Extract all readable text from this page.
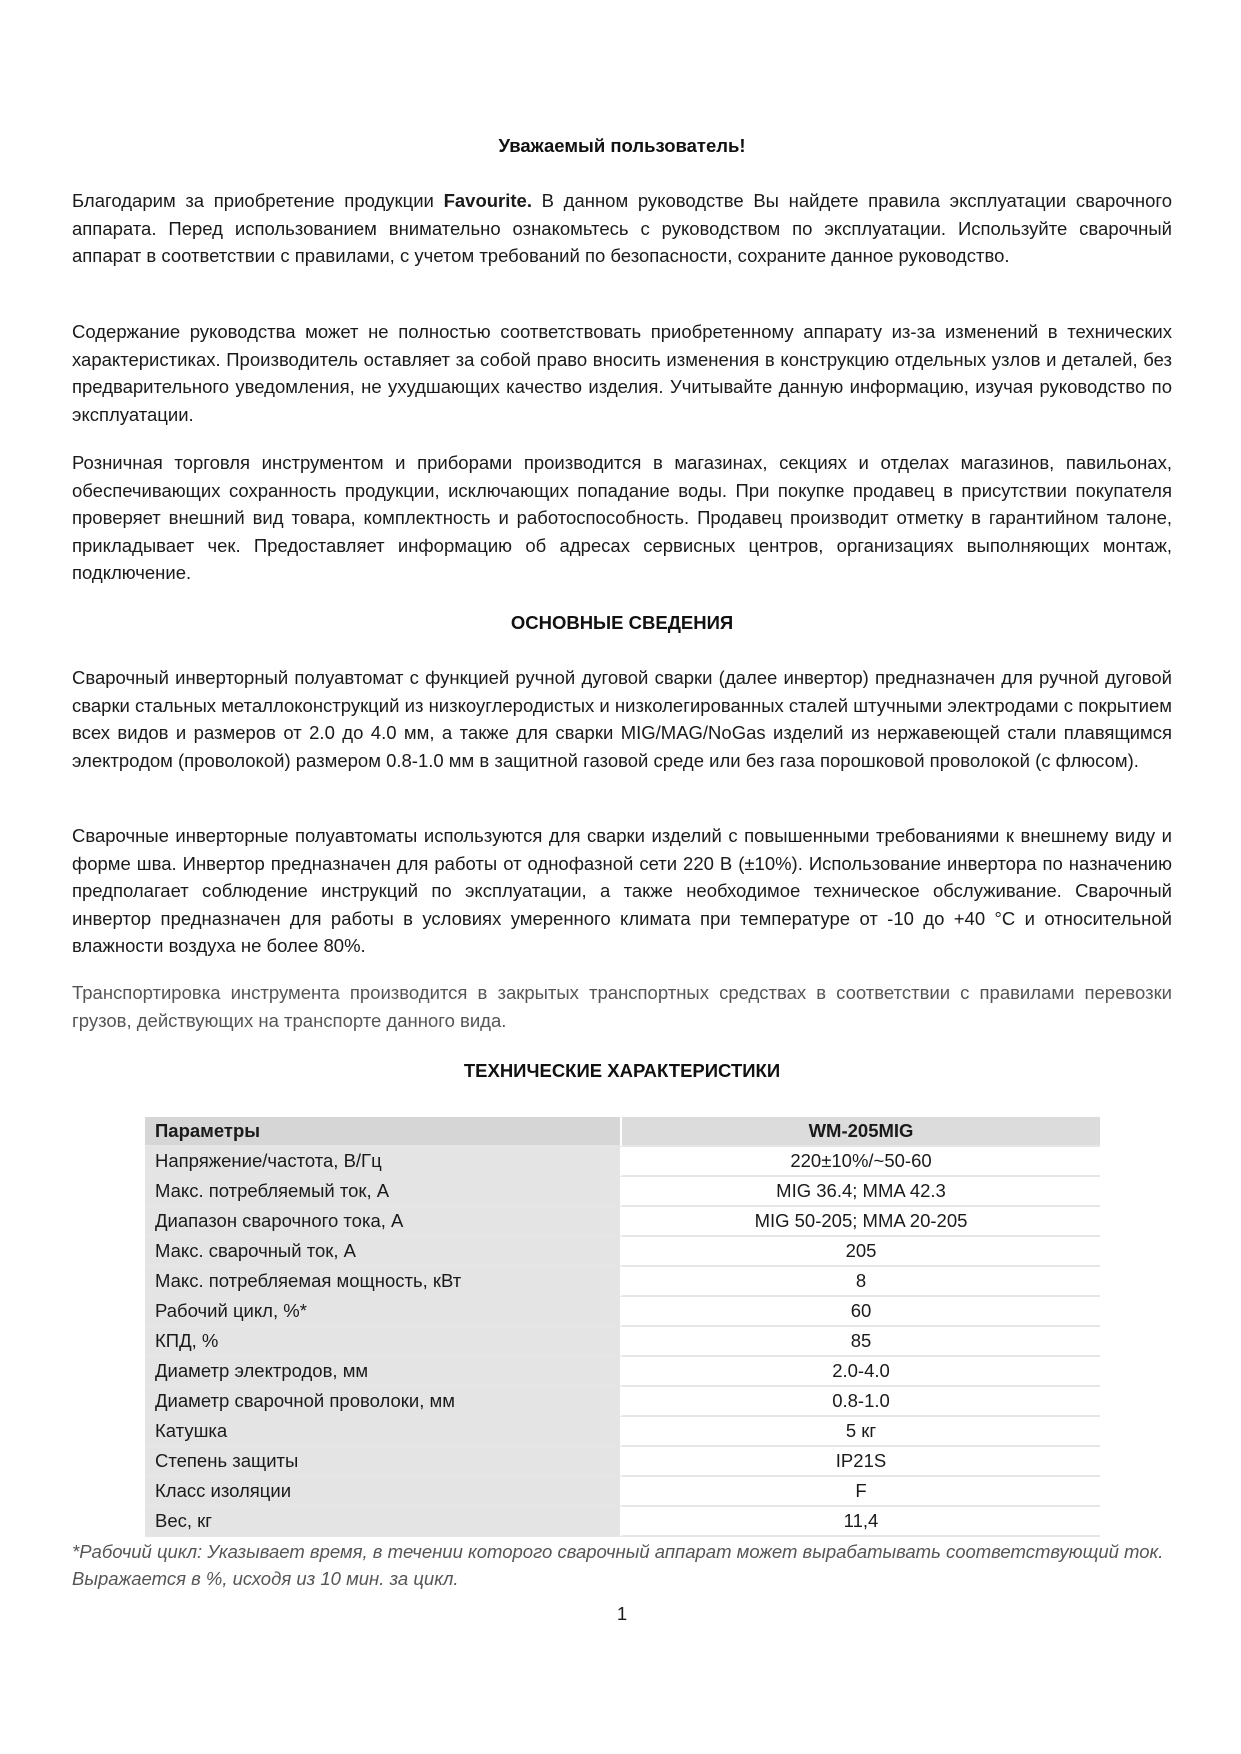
Уважаемый пользователь!

Благодарим за приобретение продукции Favourite. В данном руководстве Вы найдете правила эксплуатации сварочного аппарата. Перед использованием внимательно ознакомьтесь с руководством по эксплуатации. Используйте сварочный аппарат в соответствии с правилами, с учетом требований по безопасности, сохраните данное руководство.

Содержание руководства может не полностью соответствовать приобретенному аппарату из-за изменений в технических характеристиках. Производитель оставляет за собой право вносить изменения в конструкцию отдельных узлов и деталей, без предварительного уведомления, не ухудшающих качество изделия. Учитывайте данную информацию, изучая руководство по эксплуатации.

Розничная торговля инструментом и приборами производится в магазинах, секциях и отделах магазинов, павильонах, обеспечивающих сохранность продукции, исключающих попадание воды. При покупке продавец в присутствии покупателя проверяет внешний вид товара, комплектность и работоспособность. Продавец производит отметку в гарантийном талоне, прикладывает чек. Предоставляет информацию об адресах сервисных центров, организациях выполняющих монтаж, подключение.

ОСНОВНЫЕ СВЕДЕНИЯ

Сварочный инверторный полуавтомат с функцией ручной дуговой сварки (далее инвертор) предназначен для ручной дуговой сварки стальных металлоконструкций из низкоуглеродистых и низколегированных сталей штучными электродами с покрытием всех видов и размеров от 2.0 до 4.0 мм, а также для сварки MIG/MAG/NoGas изделий из нержавеющей стали плавящимся электродом (проволокой) размером 0.8-1.0 мм в защитной газовой среде или без газа порошковой проволокой (с флюсом).

Сварочные инверторные полуавтоматы используются для сварки изделий с повышенными требованиями к внешнему виду и форме шва. Инвертор предназначен для работы от однофазной сети 220 В (±10%). Использование инвертора по назначению предполагает соблюдение инструкций по эксплуатации, а также необходимое техническое обслуживание. Сварочный инвертор предназначен для работы в условиях умеренного климата при температуре от -10 до +40 °С и относительной влажности воздуха не более 80%.

Транспортировка инструмента производится в закрытых транспортных средствах в соответствии с правилами перевозки грузов, действующих на транспорте данного вида.

ТЕХНИЧЕСКИЕ ХАРАКТЕРИСТИКИ
Параметры	WM-205MIG
Напряжение/частота, В/Гц	220±10%/~50-60
Макс. потребляемый ток, А	MIG 36.4; MMA 42.3
Диапазон сварочного тока, А	MIG 50-205; MMA 20-205
Макс. сварочный ток, А	205
Макс. потребляемая мощность, кВт	8
Рабочий цикл, %*	60
КПД, %	85
Диаметр электродов, мм	2.0-4.0
Диаметр сварочной проволоки, мм	0.8-1.0
Катушка	5 кг
Степень защиты	IP21S
Класс изоляции	F
Вес, кг	11,4

*Рабочий цикл: Указывает время, в течении которого сварочный аппарат может вырабатывать соответствующий ток. Выражается в %, исходя из 10 мин. за цикл.

1
